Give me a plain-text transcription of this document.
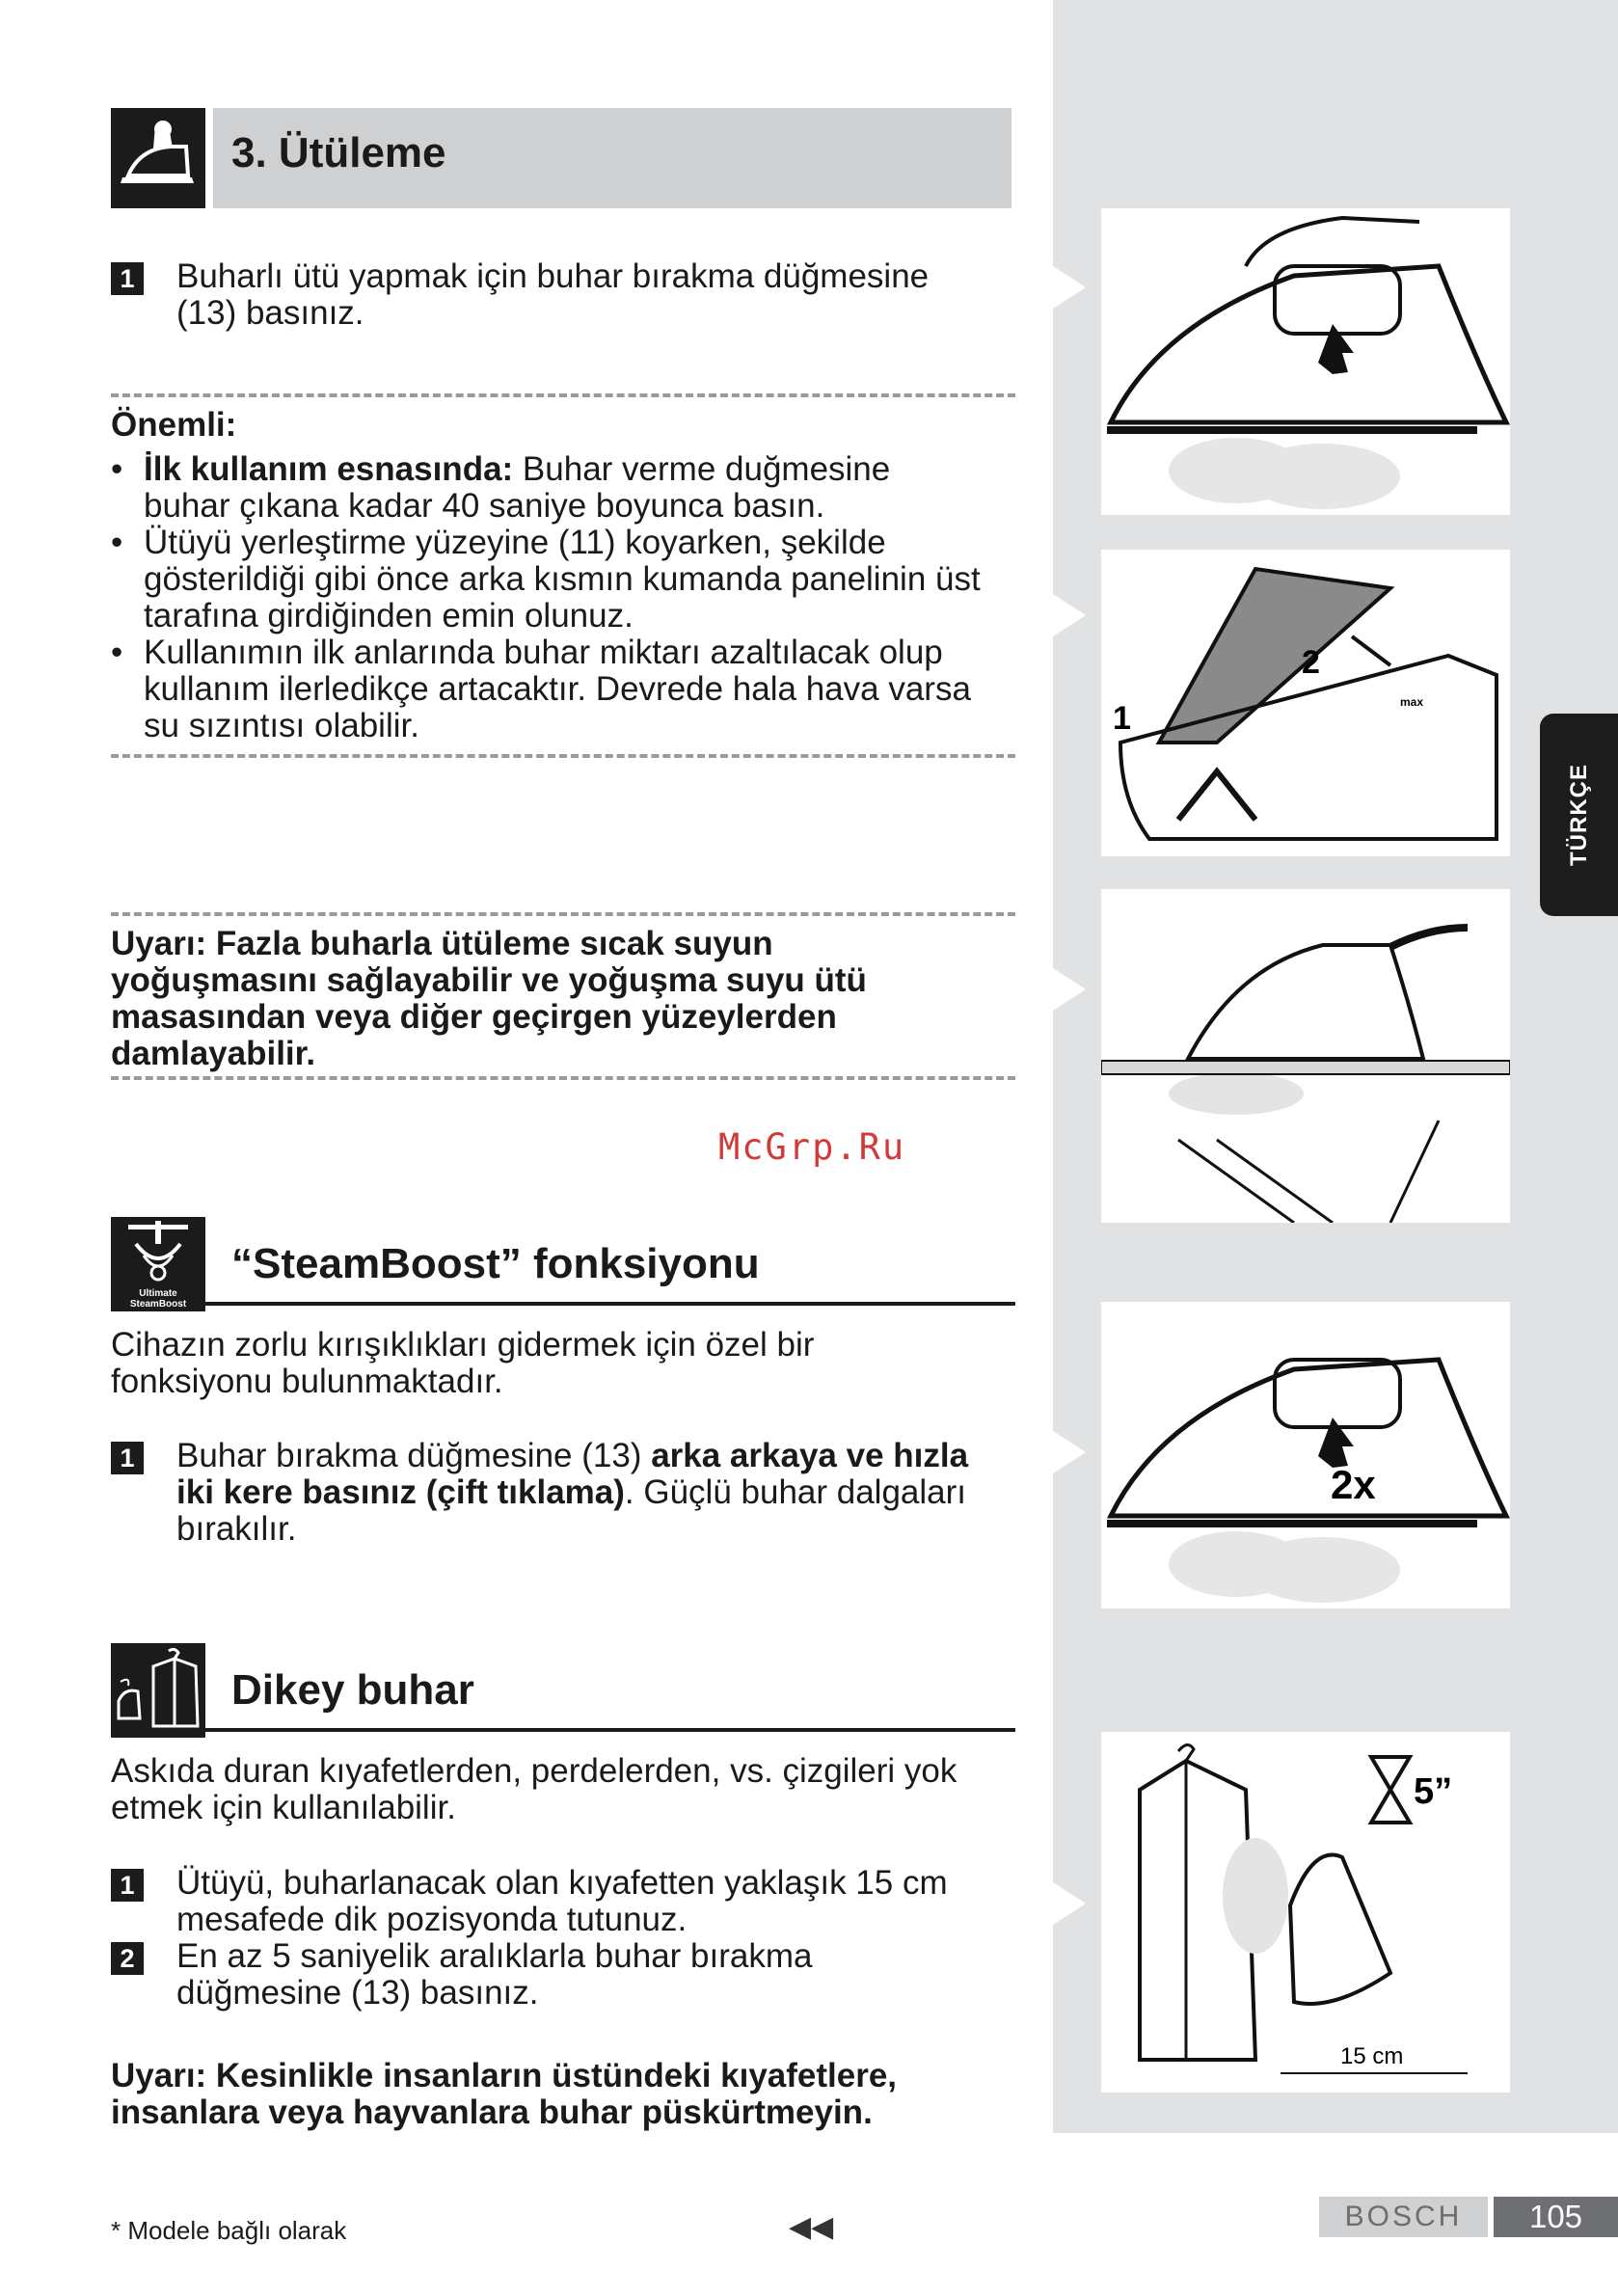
TÜRKÇE
3. Ütüleme
1 Buharlı ütü yapmak için buhar bırakma düğmesine
(13) basınız.
Önemli:
• İlk kullanım esnasında: Buhar verme duğmesine
buhar çıkana kadar 40 saniye boyunca basın.
• Ütüyü yerleştirme yüzeyine (11) koyarken, şekilde
gösterildiği gibi önce arka kısmın kumanda panelinin üst
tarafına girdiğinden emin olunuz.
• Kullanımın ilk anlarında buhar miktarı azaltılacak olup
kullanım ilerledikçe artacaktır. Devrede hala hava varsa
su sızıntısı olabilir.
Uyarı: Fazla buharla ütüleme sıcak suyun
yoğuşmasını sağlayabilir ve yoğuşma suyu ütü
masasından veya diğer geçirgen yüzeylerden
damlayabilir.
McGrp.Ru
Ultimate
SteamBoost
“SteamBoost” fonksiyonu
Cihazın zorlu kırışıklıkları gidermek için özel bir
fonksiyonu bulunmaktadır.
1 Buhar bırakma düğmesine (13) arka arkaya ve hızla
iki kere basınız (çift tıklama). Güçlü buhar dalgaları
bırakılır.
Dikey buhar
Askıda duran kıyafetlerden, perdelerden, vs. çizgileri yok
etmek için kullanılabilir.
1 Ütüyü, buharlanacak olan kıyafetten yaklaşık 15 cm
mesafede dik pozisyonda tutunuz.
2 En az 5 saniyelik aralıklarla buhar bırakma
düğmesine (13) basınız.
Uyarı: Kesinlikle insanların üstündeki kıyafetlere,
insanlara veya hayvanlara buhar püskürtmeyin.
1
2
max
2x
5”
15 cm
* Modele bağlı olarak	◀◀	BOSCH	105
